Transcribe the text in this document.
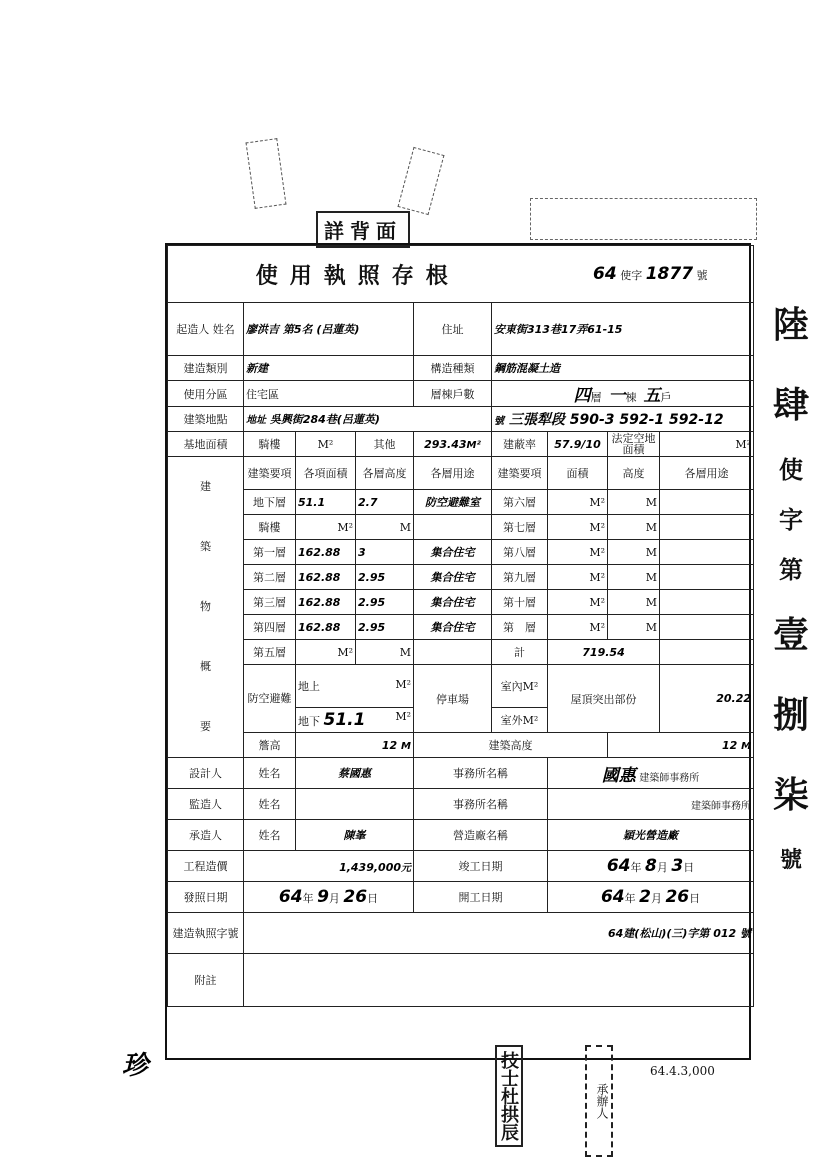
詳背面
使用執照存根						64 使字 1877 號		
起造人 姓名	廖洪吉 第5名 (呂蓮英)			住址	安東街313巷17弄61-15			
建造類別	新建			構造種類	鋼筋混凝土造			
使用分區	住宅區			層棟戶數	四層 一棟 五戶			
建築地點	地址 吳興街284巷(呂蓮英)				號 三張犁段 590-3 592-1 592-12			
基地面積	騎樓	M²	其他	293.43M²	建蔽率	57.9/10	法定空地面積	M²

建
築
物
概
要	建築要項	各項面積	各層高度	各層用途	建築要項	面積	高度	各層用途
	地下層	51.1	2.7	防空避難室	第六層	M²	M	
	騎樓	M²	M		第七層	M²	M	
	第一層	162.88	3	集合住宅	第八層	M²	M	
	第二層	162.88	2.95	集合住宅	第九層	M²	M	
	第三層	162.88	2.95	集合住宅	第十層	M²	M	
	第四層	162.88	2.95	集合住宅	第　層	M²	M	
	第五層	M²	M		計	719.54		
	防空避難	地上 M²		停車場	室內M²	屋頂突出部份		20.22
		地下 51.1 M²			室外M²			
	簷高	12 M		建築高度			12 M	
設計人	姓名	蔡國惠		事務所名稱		國惠 建築師事務所		
監造人	姓名			事務所名稱		建築師事務所		
承造人	姓名	陳峯		營造廠名稱		穎光營造廠		
工程造價	1,439,000元			竣工日期		64年 8月 3日		
發照日期	64年 9月 26日			開工日期		64年 2月 26日		
建造執照字號	64建(松山)(三)字第 012 號							
附註								
陸
肆
使
字
第
壹
捌
柒
號
技士杜拱辰	承辦人
64.4.3,000
珍
